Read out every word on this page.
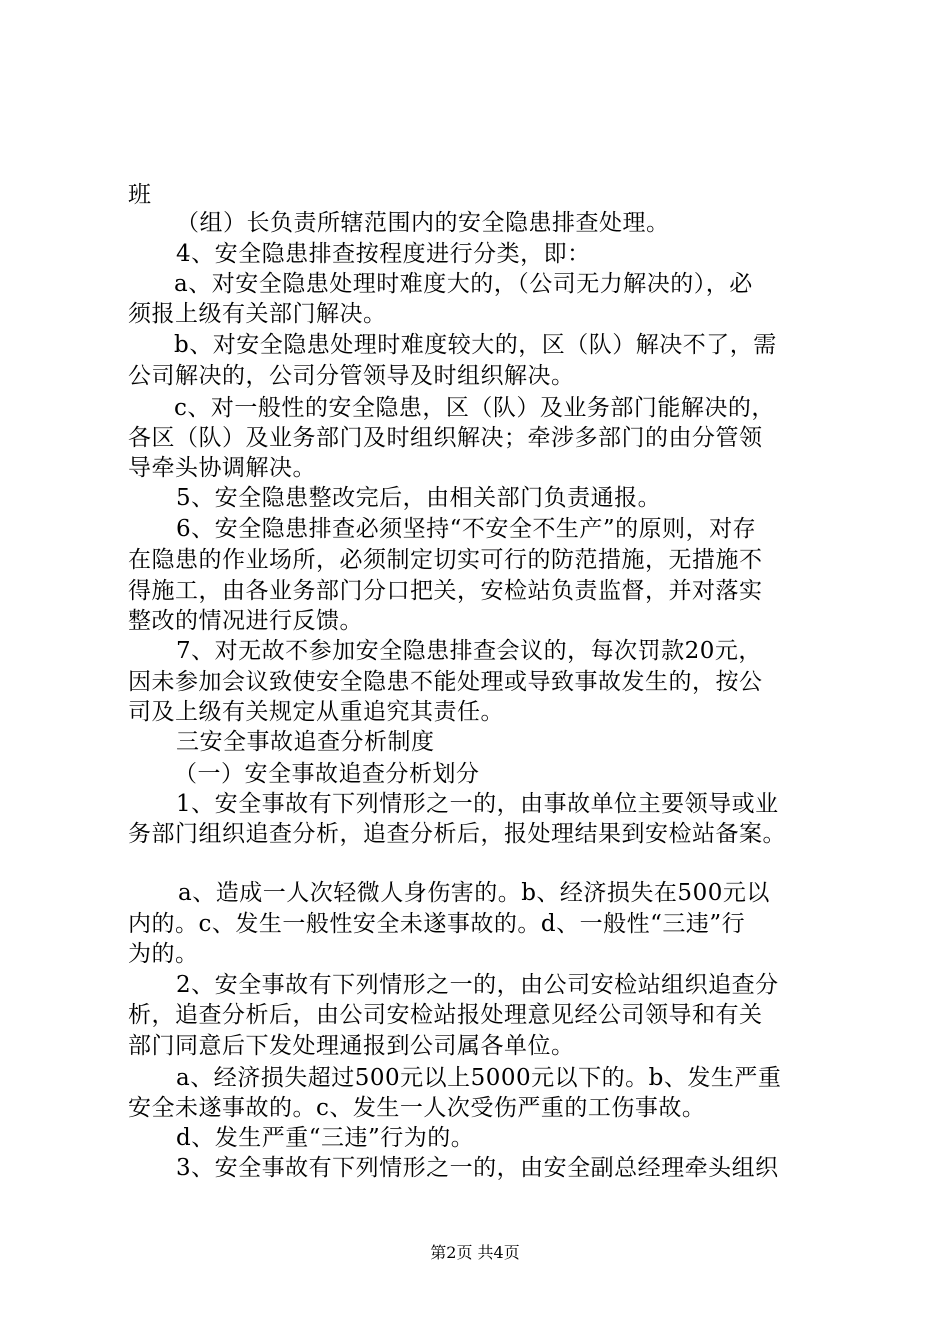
班
（组）长负责所辖范围内的安全隐患排查处理。
4、安全隐患排查按程度进行分类，即：
a、对安全隐患处理时难度大的，（公司无力解决的），必
须报上级有关部门解决。
b、对安全隐患处理时难度较大的，区（队）解决不了，需
公司解决的，公司分管领导及时组织解决。
c、对一般性的安全隐患，区（队）及业务部门能解决的，
各区（队）及业务部门及时组织解决；牵涉多部门的由分管领
导牵头协调解决。
5、安全隐患整改完后，由相关部门负责通报。
6、安全隐患排查必须坚持“不安全不生产”的原则，对存
在隐患的作业场所，必须制定切实可行的防范措施，无措施不
得施工，由各业务部门分口把关，安检站负责监督，并对落实
整改的情况进行反馈。
7、对无故不参加安全隐患排查会议的，每次罚款20元，
因未参加会议致使安全隐患不能处理或导致事故发生的，按公
司及上级有关规定从重追究其责任。
三安全事故追查分析制度
（一）安全事故追查分析划分
1、安全事故有下列情形之一的，由事故单位主要领导或业
务部门组织追查分析，追查分析后，报处理结果到安检站备案。
a、造成一人次轻微人身伤害的。b、经济损失在500元以
内的。c、发生一般性安全未遂事故的。d、一般性“三违”行
为的。
2、安全事故有下列情形之一的，由公司安检站组织追查分
析，追查分析后，由公司安检站报处理意见经公司领导和有关
部门同意后下发处理通报到公司属各单位。
a、经济损失超过500元以上5000元以下的。b、发生严重
安全未遂事故的。c、发生一人次受伤严重的工伤事故。
d、发生严重“三违”行为的。
3、安全事故有下列情形之一的，由安全副总经理牵头组织
第2页 共4页
